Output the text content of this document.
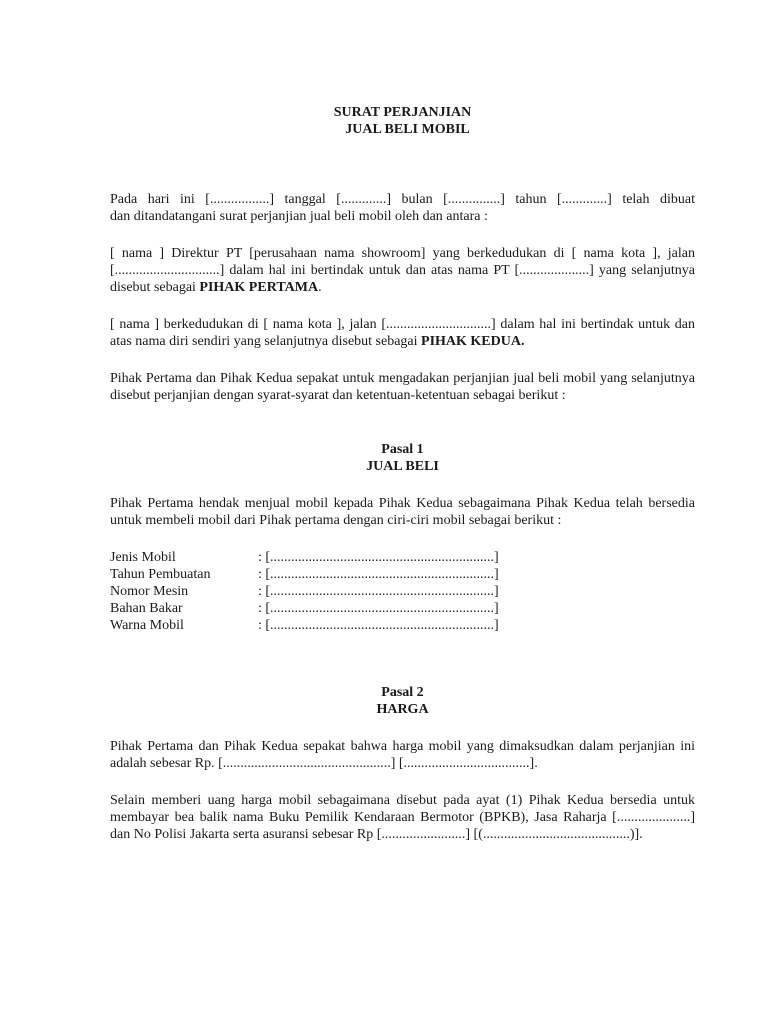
SURAT PERJANJIAN

JUAL BELI MOBIL

Pada hari ini [.................] tanggal [.............] bulan [...............] tahun [.............] telah dibuat

dan ditandatangani surat perjanjian jual beli mobil oleh dan antara :

[ nama ] Direktur PT [perusahaan nama showroom] yang berkedudukan di [ nama kota ], jalan [..............................] dalam hal ini bertindak untuk dan atas nama PT [....................] yang selanjutnya disebut sebagai PIHAK PERTAMA.

[ nama ] berkedudukan di [ nama kota ], jalan [..............................] dalam hal ini bertindak untuk dan atas nama diri sendiri yang selanjutnya disebut sebagai PIHAK KEDUA.

Pihak Pertama dan Pihak Kedua sepakat untuk mengadakan perjanjian jual beli mobil yang selanjutnya disebut perjanjian dengan syarat-syarat dan ketentuan-ketentuan sebagai berikut :

Pasal 1

JUAL BELI

Pihak Pertama hendak menjual mobil kepada Pihak Kedua sebagaimana Pihak Kedua telah bersedia untuk membeli mobil dari Pihak pertama dengan ciri-ciri mobil sebagai berikut :

Jenis Mobil	: [................................................................]
Tahun Pembuatan	: [................................................................]
Nomor Mesin	: [................................................................]
Bahan Bakar	: [................................................................]
Warna Mobil	: [................................................................]

Pasal 2

HARGA

Pihak Pertama dan Pihak Kedua sepakat bahwa harga mobil yang dimaksudkan dalam perjanjian ini adalah sebesar Rp. [................................................] [....................................].

Selain memberi uang harga mobil sebagaimana disebut pada ayat (1) Pihak Kedua bersedia untuk membayar bea balik nama Buku Pemilik Kendaraan Bermotor (BPKB), Jasa Raharja [.....................] dan No Polisi Jakarta serta asuransi sebesar Rp [........................] [(..........................................)].
